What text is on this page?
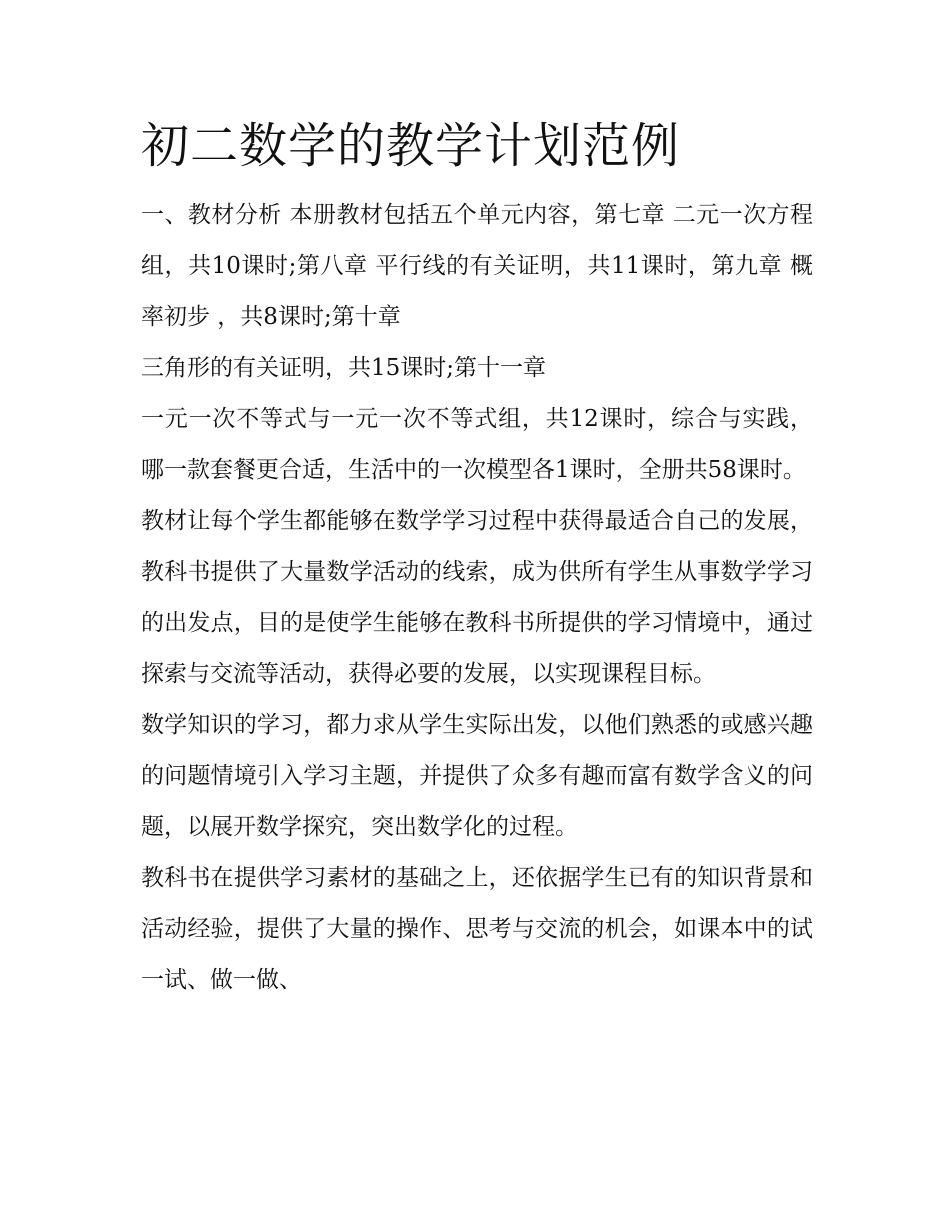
初二数学的教学计划范例

一、教材分析 本册教材包括五个单元内容，第七章 二元一次方程组，共10课时;第八章 平行线的有关证明，共11课时，第九章 概率初步 ，共8课时;第十章

三角形的有关证明，共15课时;第十一章

一元一次不等式与一元一次不等式组，共12课时，综合与实践，哪一款套餐更合适，生活中的一次模型各1课时，全册共58课时。

教材让每个学生都能够在数学学习过程中获得最适合自己的发展，教科书提供了大量数学活动的线索，成为供所有学生从事数学学习的出发点，目的是使学生能够在教科书所提供的学习情境中，通过探索与交流等活动，获得必要的发展，以实现课程目标。

数学知识的学习，都力求从学生实际出发，以他们熟悉的或感兴趣的问题情境引入学习主题，并提供了众多有趣而富有数学含义的问题，以展开数学探究，突出数学化的过程。

教科书在提供学习素材的基础之上，还依据学生已有的知识背景和活动经验，提供了大量的操作、思考与交流的机会，如课本中的试一试、做一做、
